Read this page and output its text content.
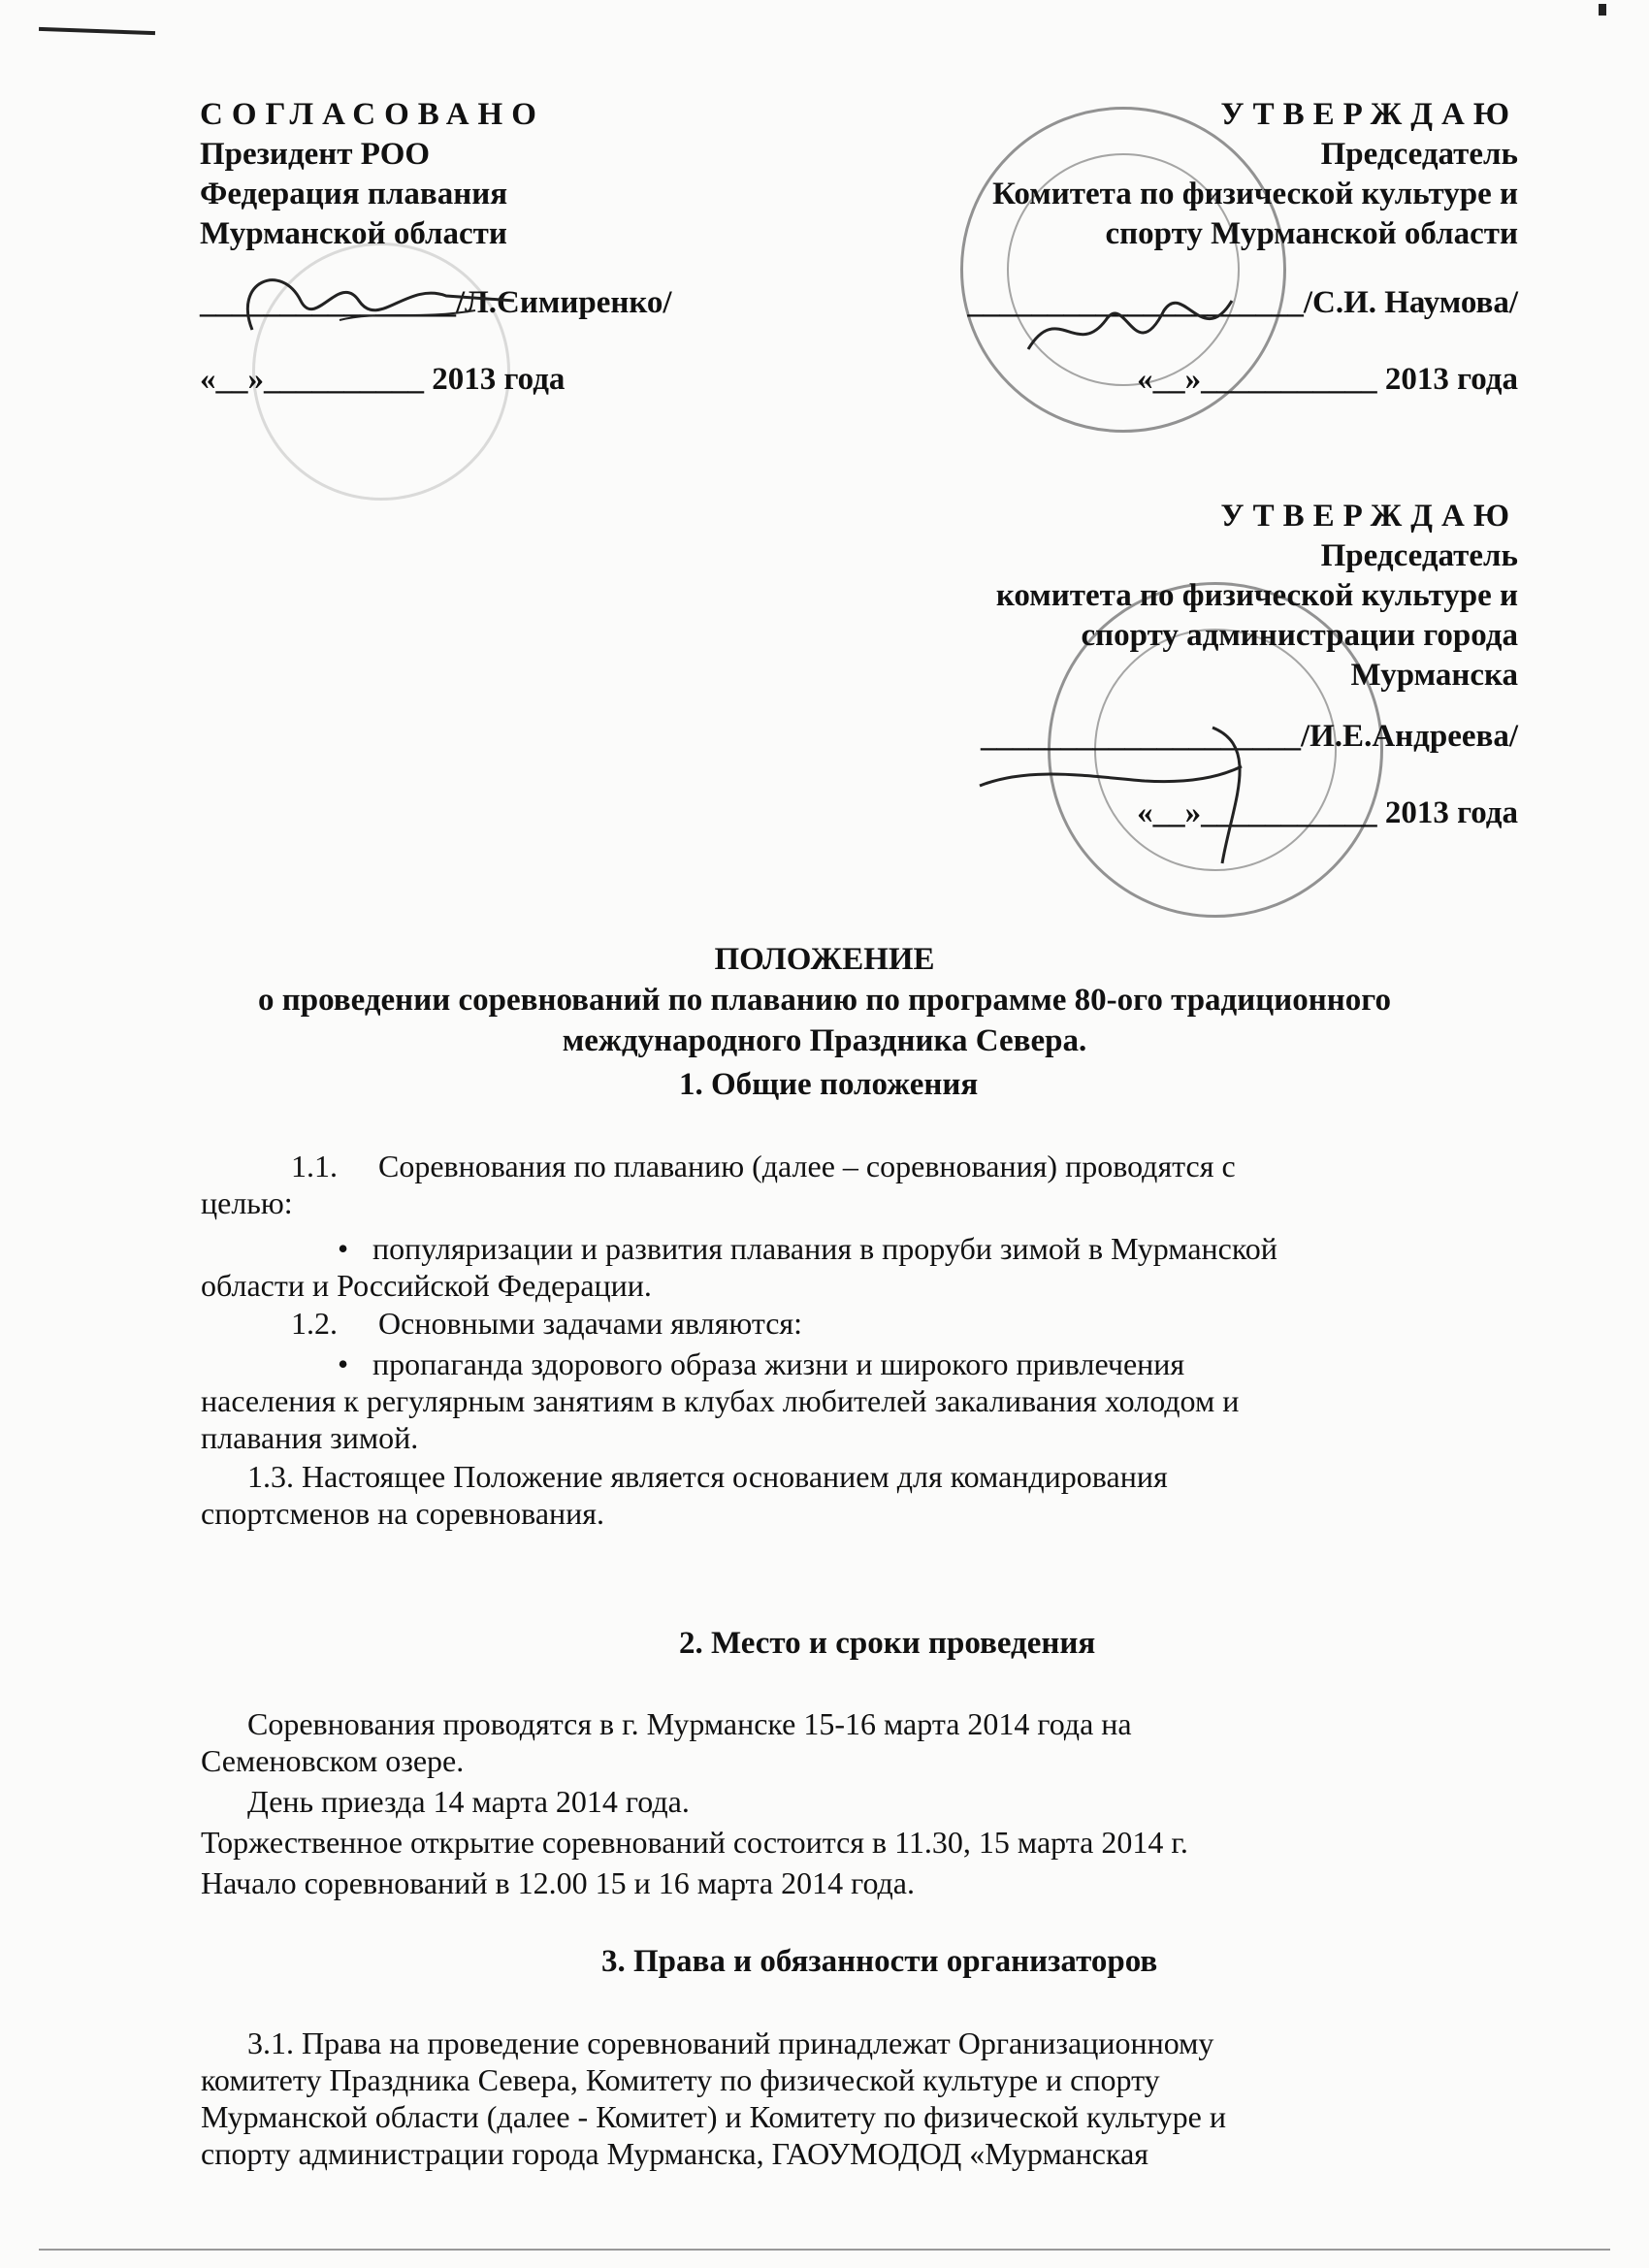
СОГЛАСОВАНО
Президент РОО
Федерация плавания
Мурманской области
________________/Л.Симиренко/
«__»__________ 2013 года
УТВЕРЖДАЮ
Председатель
Комитета по физической культуре и
спорту Мурманской области
_____________________/С.И. Наумова/
«__»___________ 2013 года
УТВЕРЖДАЮ
Председатель
комитета по физической культуре и
спорту администрации города
Мурманска
____________________/И.Е.Андреева/
«__»___________ 2013 года
ПОЛОЖЕНИЕ
о проведении соревнований по плаванию по программе 80-ого традиционного
международного Праздника Севера.
1. Общие положения
1.1. Соревнования по плаванию (далее – соревнования) проводятся с
целью:
• популяризации и развития плавания в проруби зимой в Мурманской
области и Российской Федерации.
1.2. Основными задачами являются:
• пропаганда здорового образа жизни и широкого привлечения
населения к регулярным занятиям в клубах любителей закаливания холодом и
плавания зимой.
1.3. Настоящее Положение является основанием для командирования
спортсменов на соревнования.
2. Место и сроки проведения
Соревнования проводятся в г. Мурманске 15-16 марта 2014 года на
Семеновском озере.
День приезда 14 марта 2014 года.
Торжественное открытие соревнований состоится в 11.30, 15 марта 2014 г.
Начало соревнований в 12.00 15 и 16 марта 2014 года.
3. Права и обязанности организаторов
3.1. Права на проведение соревнований принадлежат Организационному
комитету Праздника Севера, Комитету по физической культуре и спорту
Мурманской области (далее - Комитет) и Комитету по физической культуре и
спорту администрации города Мурманска, ГАОУМОДОД «Мурманская
